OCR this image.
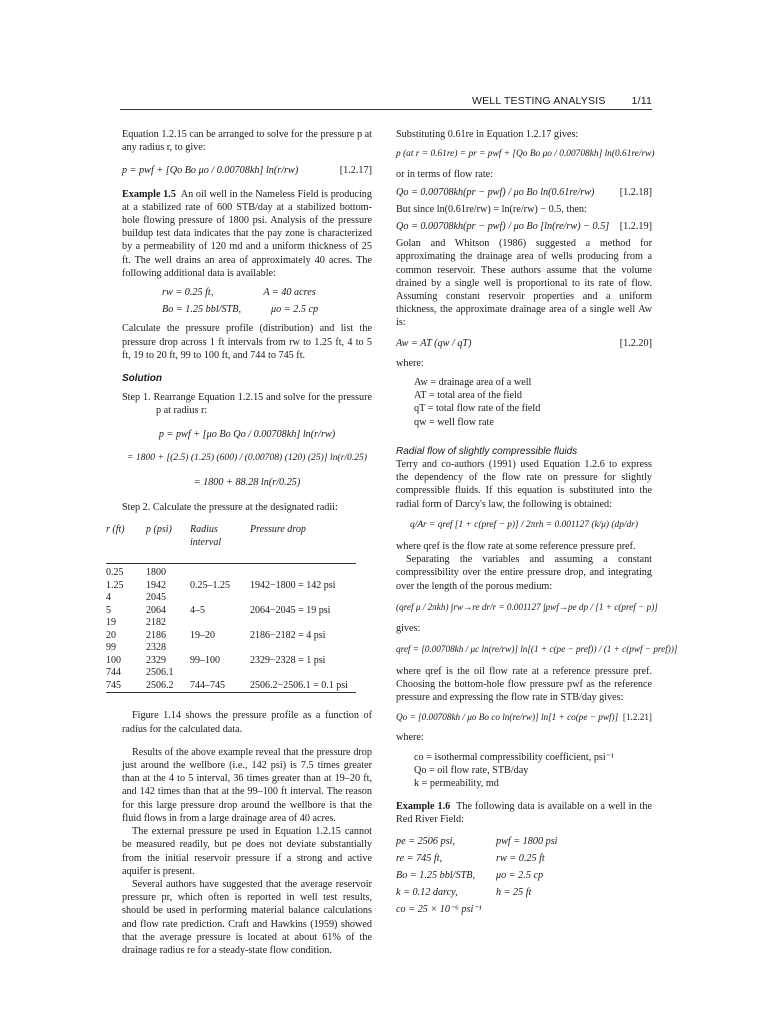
WELL TESTING ANALYSIS 1/11

Equation 1.2.15 can be arranged to solve for the pressure p at any radius r, to give:

p = pwf + [Qo Bo μo / 0.00708kh] ln(r/rw)	[1.2.17]

Example 1.5 An oil well in the Nameless Field is producing at a stabilized rate of 600 STB/day at a stabilized bottom-hole flowing pressure of 1800 psi. Analysis of the pressure buildup test data indicates that the pay zone is characterized by a permeability of 120 md and a uniform thickness of 25 ft. The well drains an area of approximately 40 acres. The following additional data is available:

rw = 0.25 ft,	A = 40 acres
Bo = 1.25 bbl/STB,	μo = 2.5 cp

Calculate the pressure profile (distribution) and list the pressure drop across 1 ft intervals from rw to 1.25 ft, 4 to 5 ft, 19 to 20 ft, 99 to 100 ft, and 744 to 745 ft.

Solution

Step 1. Rearrange Equation 1.2.15 and solve for the pressure p at radius r:

p = pwf + [μo Bo Qo / 0.00708kh] ln(r/rw)
= 1800 + [(2.5) (1.25) (600) / (0.00708) (120) (25)] ln(r/0.25)
= 1800 + 88.28 ln(r/0.25)

Step 2. Calculate the pressure at the designated radii:

r (ft)	p (psi)	Radius interval	Pressure drop

0.25	1800		
1.25	1942	0.25–1.25	1942−1800 = 142 psi
4	2045		
5	2064	4–5	2064−2045 = 19 psi
19	2182		
20	2186	19–20	2186−2182 = 4 psi
99	2328		
100	2329	99–100	2329−2328 = 1 psi
744	2506.1		
745	2506.2	744–745	2506.2−2506.1 = 0.1 psi

Figure 1.14 shows the pressure profile as a function of radius for the calculated data.

Results of the above example reveal that the pressure drop just around the wellbore (i.e., 142 psi) is 7.5 times greater than at the 4 to 5 interval, 36 times greater than at 19–20 ft, and 142 times than that at the 99–100 ft interval. The reason for this large pressure drop around the wellbore is that the fluid flows in from a large drainage area of 40 acres.

The external pressure pe used in Equation 1.2.15 cannot be measured readily, but pe does not deviate substantially from the initial reservoir pressure if a strong and active aquifer is present.

Several authors have suggested that the average reservoir pressure pr, which often is reported in well test results, should be used in performing material balance calculations and flow rate prediction. Craft and Hawkins (1959) showed that the average pressure is located at about 61% of the drainage radius re for a steady-state flow condition.

Substituting 0.61re in Equation 1.2.17 gives:

p (at r = 0.61re) = pr = pwf + [Qo Bo μo / 0.00708kh] ln(0.61re/rw)

or in terms of flow rate:

Qo = 0.00708kh(pr − pwf) / μo Bo ln(0.61re/rw) [1.2.18]

But since ln(0.61re/rw) = ln(re/rw) − 0.5, then:

Qo = 0.00708kh(pr − pwf) / μo Bo [ln(re/rw) − 0.5] [1.2.19]

Golan and Whitson (1986) suggested a method for approximating the drainage area of wells producing from a common reservoir. These authors assume that the volume drained by a single well is proportional to its rate of flow. Assuming constant reservoir properties and a uniform thickness, the approximate drainage area of a single well Aw is:

Aw = AT (qw / qT)	[1.2.20]

where:

Aw = drainage area of a well
AT = total area of the field
qT = total flow rate of the field
qw = well flow rate
Radial flow of slightly compressible fluids

Terry and co-authors (1991) used Equation 1.2.6 to express the dependency of the flow rate on pressure for slightly compressible fluids. If this equation is substituted into the radial form of Darcy's law, the following is obtained:

q/Ar = qref [1 + c(pref − p)] / 2πrh = 0.001127 (k/μ) (dp/dr)

where qref is the flow rate at some reference pressure pref.

Separating the variables and assuming a constant compressibility over the entire pressure drop, and integrating over the length of the porous medium:

(qref μ / 2πkh) ∫rw→re dr/r = 0.001127 ∫pwf→pe dp / [1 + c(pref − p)]

gives:

qref = [0.00708kh / μc ln(re/rw)] ln[(1 + c(pe − pref)) / (1 + c(pwf − pref))]

where qref is the oil flow rate at a reference pressure pref. Choosing the bottom-hole flow pressure pwf as the reference pressure and expressing the flow rate in STB/day gives:

Qo = [0.00708kh / μo Bo co ln(re/rw)] ln[1 + co(pe − pwf)] [1.2.21]

where:

co = isothermal compressibility coefficient, psi⁻¹
Qo = oil flow rate, STB/day
k = permeability, md

Example 1.6 The following data is available on a well in the Red River Field:

pe = 2506 psi,	pwf = 1800 psi
re = 745 ft,	rw = 0.25 ft
Bo = 1.25 bbl/STB, μo = 2.5 cp
k = 0.12 darcy,	h = 25 ft
co = 25 × 10⁻⁶ psi⁻¹
